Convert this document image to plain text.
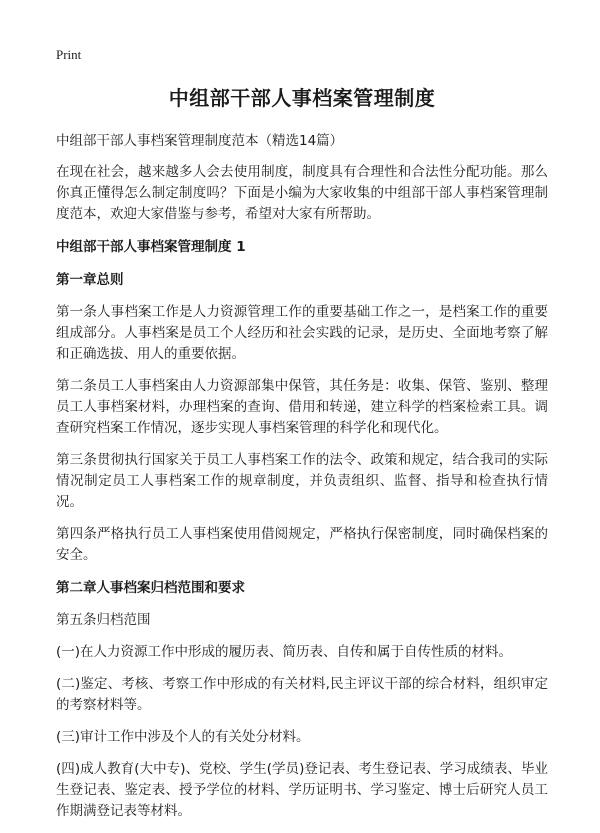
Print
中组部干部人事档案管理制度

中组部干部人事档案管理制度范本（精选14篇）

在现在社会，越来越多人会去使用制度，制度具有合理性和合法性分配功能。那么你真正懂得怎么制定制度吗？下面是小编为大家收集的中组部干部人事档案管理制度范本，欢迎大家借鉴与参考，希望对大家有所帮助。

中组部干部人事档案管理制度 1

第一章总则

第一条人事档案工作是人力资源管理工作的重要基础工作之一，是档案工作的重要组成部分。人事档案是员工个人经历和社会实践的记录，是历史、全面地考察了解和正确选拔、用人的重要依据。

第二条员工人事档案由人力资源部集中保管，其任务是：收集、保管、鉴别、整理员工人事档案材料，办理档案的查询、借用和转递，建立科学的档案检索工具。调查研究档案工作情况，逐步实现人事档案管理的科学化和现代化。

第三条贯彻执行国家关于员工人事档案工作的法令、政策和规定，结合我司的实际情况制定员工人事档案工作的规章制度，并负责组织、监督、指导和检查执行情况。

第四条严格执行员工人事档案使用借阅规定，严格执行保密制度，同时确保档案的安全。

第二章人事档案归档范围和要求

第五条归档范围

(一)在人力资源工作中形成的履历表、简历表、自传和属于自传性质的材料。

(二)鉴定、考核、考察工作中形成的有关材料,民主评议干部的综合材料，组织审定的考察材料等。

(三)审计工作中涉及个人的有关处分材料。

(四)成人教育(大中专)、党校、学生(学员)登记表、考生登记表、学习成绩表、毕业生登记表、鉴定表、授予学位的材料、学历证明书、学习鉴定、博士后研究人员工作期满登记表等材料。
